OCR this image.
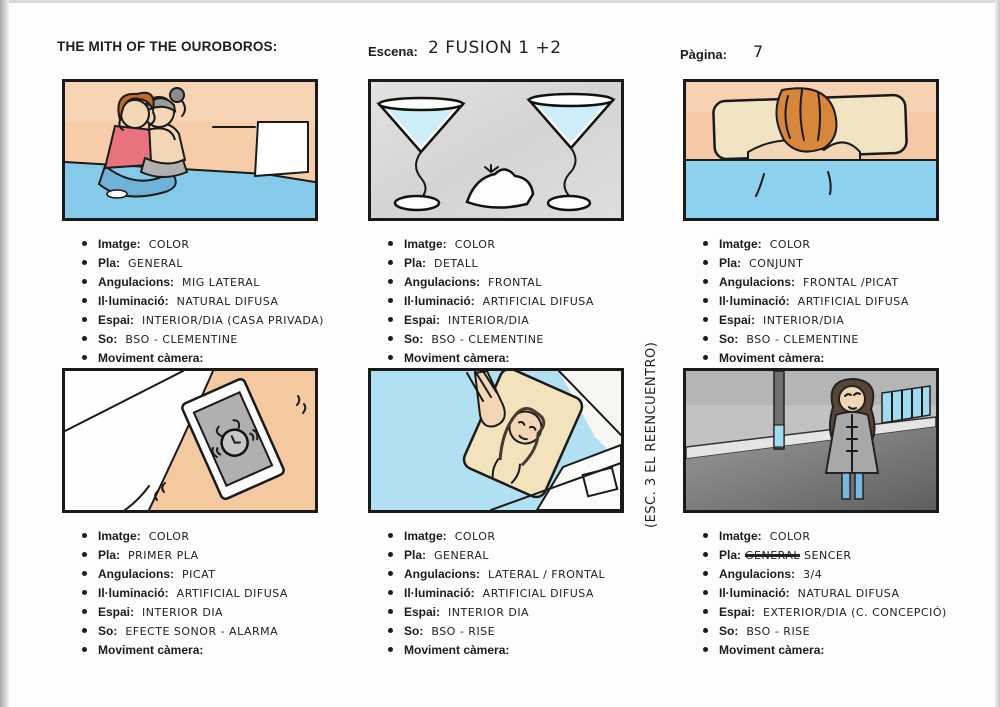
THE MITH OF THE OUROBOROS:	Escena: 2 FUSION 1 +2	Pàgina: 7
(ESC. 3 EL REENCUENTRO)
Imatge: COLOR
Pla: GENERAL
Angulacions: MIG LATERAL
Il·luminació: NATURAL DIFUSA
Espai: INTERIOR/DIA (CASA PRIVADA)
So: BSO - CLEMENTINE
Moviment càmera:
Imatge: COLOR
Pla: DETALL
Angulacions: FRONTAL
Il·luminació: ARTIFICIAL DIFUSA
Espai: INTERIOR/DIA
So: BSO - CLEMENTINE
Moviment càmera:
Imatge: COLOR
Pla: CONJUNT
Angulacions: FRONTAL /PICAT
Il·luminació: ARTIFICIAL DIFUSA
Espai: INTERIOR/DIA
So: BSO - CLEMENTINE
Moviment càmera:
Imatge: COLOR
Pla: PRIMER PLA
Angulacions: PICAT
Il·luminació: ARTIFICIAL DIFUSA
Espai: INTERIOR DIA
So: EFECTE SONOR - ALARMA
Moviment càmera:
Imatge: COLOR
Pla: GENERAL
Angulacions: LATERAL / FRONTAL
Il·luminació: ARTIFICIAL DIFUSA
Espai: INTERIOR DIA
So: BSO - RISE
Moviment càmera:
Imatge: COLOR
Pla: GENERAL SENCER
Angulacions: 3/4
Il·luminació: NATURAL DIFUSA
Espai: EXTERIOR/DIA (C. CONCEPCIÓ)
So: BSO - RISE
Moviment càmera:
